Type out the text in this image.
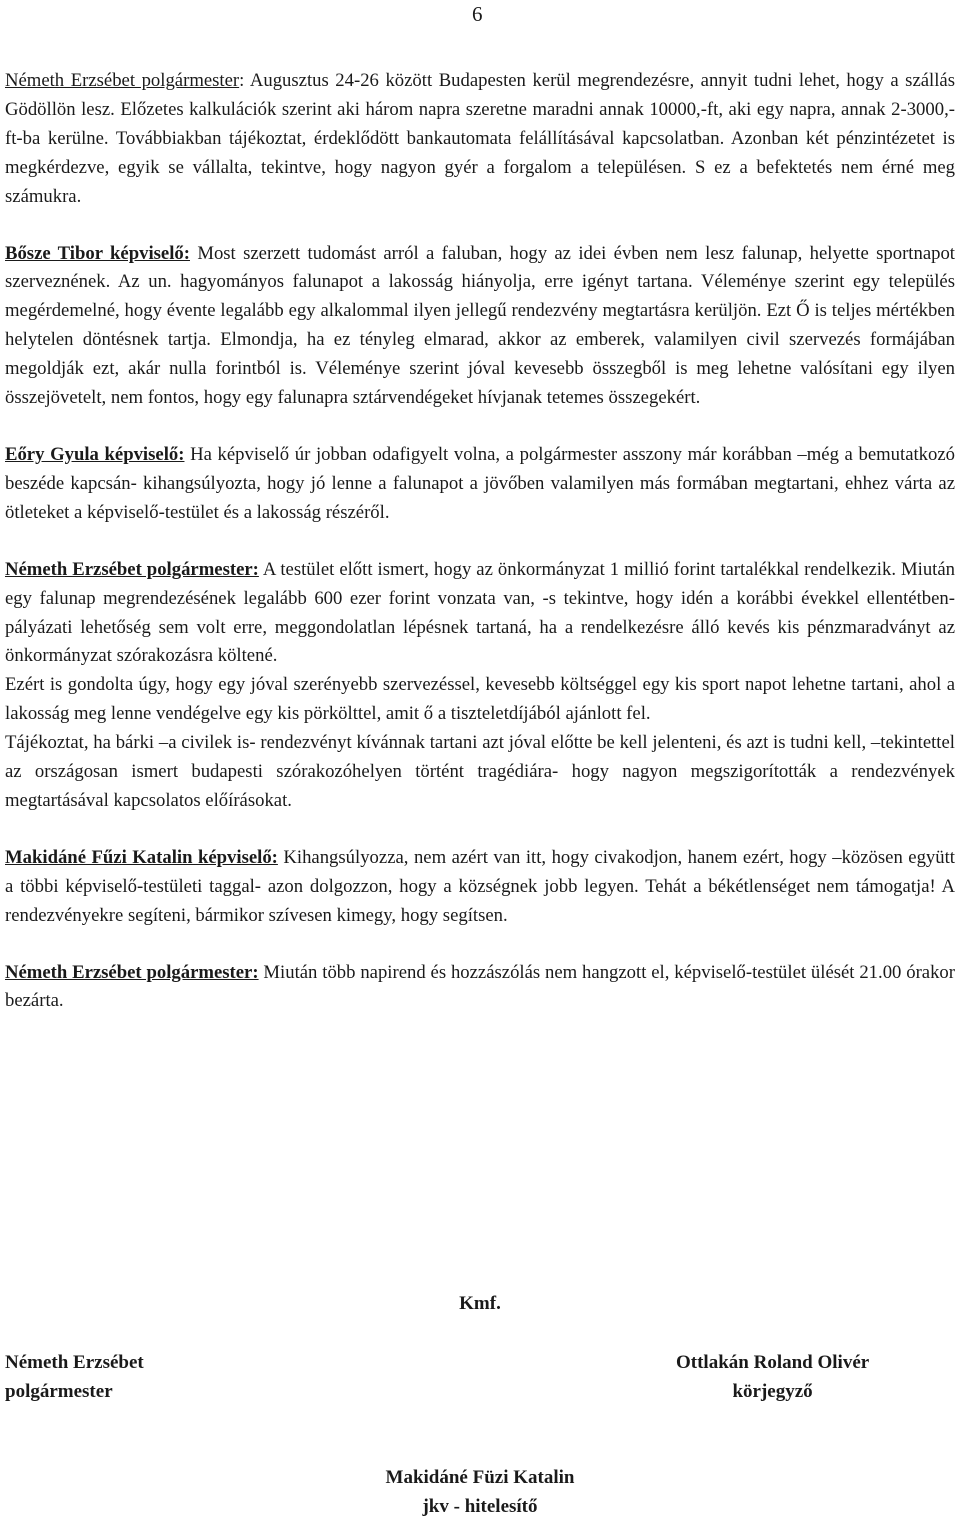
6

Németh Erzsébet polgármester: Augusztus 24-26 között Budapesten kerül megrendezésre, annyit tudni lehet, hogy a szállás Gödöllön lesz. Előzetes kalkulációk szerint aki három napra szeretne maradni annak 10000,-ft, aki egy napra, annak 2-3000,-ft-ba kerülne. Továbbiakban tájékoztat, érdeklődött bankautomata felállításával kapcsolatban. Azonban két pénzintézetet is megkérdezve, egyik se vállalta, tekintve, hogy nagyon gyér a forgalom a településen. S ez a befektetés nem érné meg számukra.

Bősze Tibor képviselő: Most szerzett tudomást arról a faluban, hogy az idei évben nem lesz falunap, helyette sportnapot szerveznének. Az un. hagyományos falunapot a lakosság hiányolja, erre igényt tartana. Véleménye szerint egy település megérdemelné, hogy évente legalább egy alkalommal ilyen jellegű rendezvény megtartásra kerüljön. Ezt Ő is teljes mértékben helytelen döntésnek tartja. Elmondja, ha ez tényleg elmarad, akkor az emberek, valamilyen civil szervezés formájában megoldják ezt, akár nulla forintból is. Véleménye szerint jóval kevesebb összegből is meg lehetne valósítani egy ilyen összejövetelt, nem fontos, hogy egy falunapra sztárvendégeket hívjanak tetemes összegekért.

Eőry Gyula képviselő: Ha képviselő úr jobban odafigyelt volna, a polgármester asszony már korábban –még a bemutatkozó beszéde kapcsán- kihangsúlyozta, hogy jó lenne a falunapot a jövőben valamilyen más formában megtartani, ehhez várta az ötleteket a képviselő-testület és a lakosság részéről.

Németh Erzsébet polgármester: A testület előtt ismert, hogy az önkormányzat 1 millió forint tartalékkal rendelkezik. Miután egy falunap megrendezésének legalább 600 ezer forint vonzata van, -s tekintve, hogy idén a korábbi évekkel ellentétben- pályázati lehetőség sem volt erre, meggondolatlan lépésnek tartaná, ha a rendelkezésre álló kevés kis pénzmaradványt az önkormányzat szórakozásra költené.

Ezért is gondolta úgy, hogy egy jóval szerényebb szervezéssel, kevesebb költséggel egy kis sport napot lehetne tartani, ahol a lakosság meg lenne vendégelve egy kis pörkölttel, amit ő a tiszteletdíjából ajánlott fel.

Tájékoztat, ha bárki –a civilek is- rendezvényt kívánnak tartani azt jóval előtte be kell jelenteni, és azt is tudni kell, –tekintettel az országosan ismert budapesti szórakozóhelyen történt tragédiára- hogy nagyon megszigorították a rendezvények megtartásával kapcsolatos előírásokat.

Makidáné Fűzi Katalin képviselő: Kihangsúlyozza, nem azért van itt, hogy civakodjon, hanem ezért, hogy –közösen együtt a többi képviselő-testületi taggal- azon dolgozzon, hogy a községnek jobb legyen. Tehát a békétlenséget nem támogatja! A rendezvényekre segíteni, bármikor szívesen kimegy, hogy segítsen.

Németh Erzsébet polgármester: Miután több napirend és hozzászólás nem hangzott el, képviselő-testület ülését 21.00 órakor bezárta.

Kmf.
Németh Erzsébet
polgármester
Ottlakán Roland Olivér
körjegyző
Makidáné Füzi Katalin
jkv - hitelesítő
